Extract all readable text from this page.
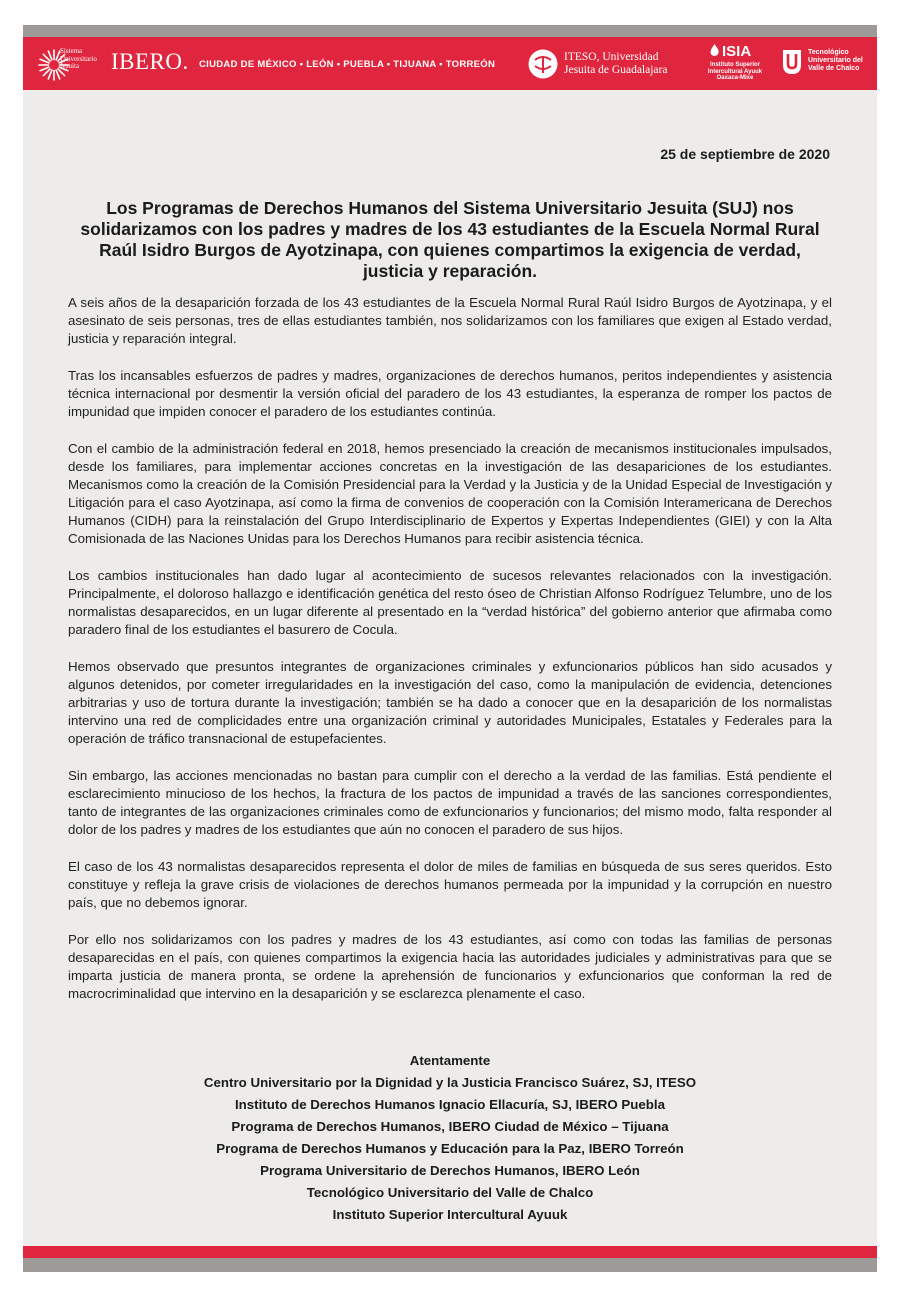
Sistema
Universitario
Jesuita	IBERO. CIUDAD DE MÉXICO • LEÓN • PUEBLA • TIJUANA • TORREÓN
ITESO, Universidad
Jesuita de Guadalajara
ISIA
Instituto Superior
Intercultural Ayuuk
Oaxaca-Mixe
Tecnológico
Universitario del
Valle de Chalco
25 de septiembre de 2020
Los Programas de Derechos Humanos del Sistema Universitario Jesuita (SUJ) nos solidarizamos con los padres y madres de los 43 estudiantes de la Escuela Normal Rural Raúl Isidro Burgos de Ayotzinapa, con quienes compartimos la exigencia de verdad, justicia y reparación.

A seis años de la desaparición forzada de los 43 estudiantes de la Escuela Normal Rural Raúl Isidro Burgos de Ayotzinapa, y el asesinato de seis personas, tres de ellas estudiantes también, nos solidarizamos con los familiares que exigen al Estado verdad, justicia y reparación integral.

Tras los incansables esfuerzos de padres y madres, organizaciones de derechos humanos, peritos independientes y asistencia técnica internacional por desmentir la versión oficial del paradero de los 43 estudiantes, la esperanza de romper los pactos de impunidad que impiden conocer el paradero de los estudiantes continúa.

Con el cambio de la administración federal en 2018, hemos presenciado la creación de mecanismos institucionales impulsados, desde los familiares, para implementar acciones concretas en la investigación de las desapariciones de los estudiantes. Mecanismos como la creación de la Comisión Presidencial para la Verdad y la Justicia y de la Unidad Especial de Investigación y Litigación para el caso Ayotzinapa, así como la firma de convenios de cooperación con la Comisión Interamericana de Derechos Humanos (CIDH) para la reinstalación del Grupo Interdisciplinario de Expertos y Expertas Independientes (GIEI) y con la Alta Comisionada de las Naciones Unidas para los Derechos Humanos para recibir asistencia técnica.

Los cambios institucionales han dado lugar al acontecimiento de sucesos relevantes relacionados con la investigación. Principalmente, el doloroso hallazgo e identificación genética del resto óseo de Christian Alfonso Rodríguez Telumbre, uno de los normalistas desaparecidos, en un lugar diferente al presentado en la “verdad histórica” del gobierno anterior que afirmaba como paradero final de los estudiantes el basurero de Cocula.

Hemos observado que presuntos integrantes de organizaciones criminales y exfuncionarios públicos han sido acusados y algunos detenidos, por cometer irregularidades en la investigación del caso, como la manipulación de evidencia, detenciones arbitrarias y uso de tortura durante la investigación; también se ha dado a conocer que en la desaparición de los normalistas intervino una red de complicidades entre una organización criminal y autoridades Municipales, Estatales y Federales para la operación de tráfico transnacional de estupefacientes.

Sin embargo, las acciones mencionadas no bastan para cumplir con el derecho a la verdad de las familias. Está pendiente el esclarecimiento minucioso de los hechos, la fractura de los pactos de impunidad a través de las sanciones correspondientes, tanto de integrantes de las organizaciones criminales como de exfuncionarios y funcionarios; del mismo modo, falta responder al dolor de los padres y madres de los estudiantes que aún no conocen el paradero de sus hijos.

El caso de los 43 normalistas desaparecidos representa el dolor de miles de familias en búsqueda de sus seres queridos. Esto constituye y refleja la grave crisis de violaciones de derechos humanos permeada por la impunidad y la corrupción en nuestro país, que no debemos ignorar.

Por ello nos solidarizamos con los padres y madres de los 43 estudiantes, así como con todas las familias de personas desaparecidas en el país, con quienes compartimos la exigencia hacia las autoridades judiciales y administrativas para que se imparta justicia de manera pronta, se ordene la aprehensión de funcionarios y exfuncionarios que conforman la red de macrocriminalidad que intervino en la desaparición y se esclarezca plenamente el caso.

Atentamente
Centro Universitario por la Dignidad y la Justicia Francisco Suárez, SJ, ITESO
Instituto de Derechos Humanos Ignacio Ellacuría, SJ, IBERO Puebla
Programa de Derechos Humanos, IBERO Ciudad de México – Tijuana
Programa de Derechos Humanos y Educación para la Paz, IBERO Torreón
Programa Universitario de Derechos Humanos, IBERO León
Tecnológico Universitario del Valle de Chalco
Instituto Superior Intercultural Ayuuk
